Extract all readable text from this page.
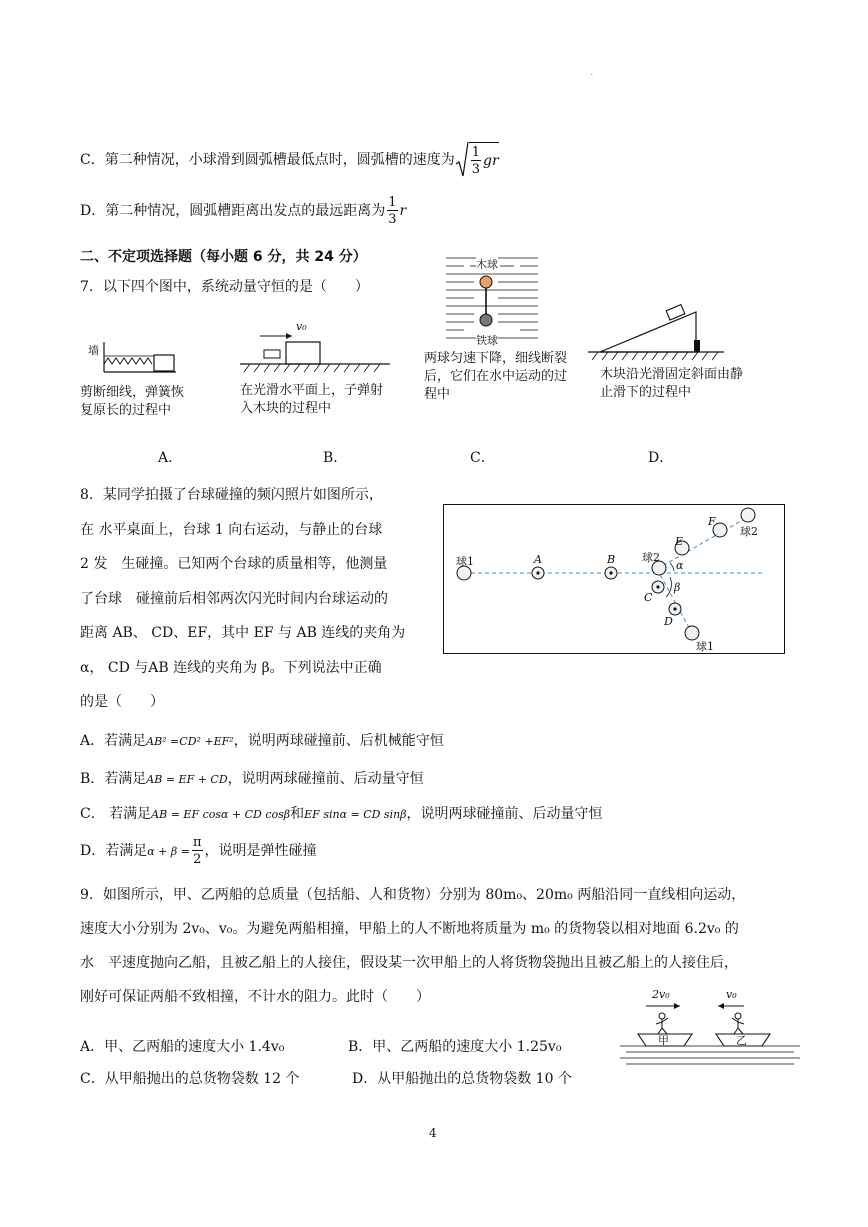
·
C．第二种情况，小球滑到圆弧槽最低点时，圆弧槽的速度为 $\frac{1}{3}$ gr
D．第二种情况，圆弧槽距离出发点的最远距离为 $\frac{1}{3}$ r
二、不定项选择题（每小题 6 分，共 24 分）
7．以下四个图中，系统动量守恒的是（　　）
墙
剪断细线，弹簧恢复原长的过程中
v₀
在光滑水平面上，子弹射入木块的过程中
木球
铁球
两球匀速下降，细线断裂后，它们在水中运动的过程中
木块沿光滑固定斜面由静止滑下的过程中
A．	B．	C．	D．
8．某同学拍摄了台球碰撞的频闪照片如图所示，
在 水平桌面上，台球 1 向右运动，与静止的台球
2 发　生碰撞。已知两个台球的质量相等，他测量
了台球　碰撞前后相邻两次闪光时间内台球运动的
距离 AB、 CD、EF，其中 EF 与 AB 连线的夹角为
α， CD 与AB 连线的夹角为 β。下列说法中正确
的是（　　）
球1	A	B 球2
E
F
球2
α
β
C
D
球1
A．若满足AB² =CD² +EF²，说明两球碰撞前、后机械能守恒
B．若满足AB = EF + CD，说明两球碰撞前、后动量守恒
C． 若满足AB = EF cosα + CD cosβ和EF sinα = CD sinβ，说明两球碰撞前、后动量守恒
D．若满足$\alpha + \beta = \frac{\pi}{2}$ ，说明是弹性碰撞
9．如图所示，甲、乙两船的总质量（包括船、人和货物）分别为 80m₀、20m₀ 两船沿同一直线相向运动，
速度大小分别为 2v₀、v₀。为避免两船相撞，甲船上的人不断地将质量为 m₀ 的货物袋以相对地面 6.2v₀ 的
水　平速度抛向乙船，且被乙船上的人接住，假设某一次甲船上的人将货物袋抛出且被乙船上的人接住后，
刚好可保证两船不致相撞，不计水的阻力。此时（　　）
A．甲、乙两船的速度大小 1.4v₀	B．甲、乙两船的速度大小 1.25v₀
C．从甲船抛出的总货物袋数 12 个	D．从甲船抛出的总货物袋数 10 个
2v₀	v₀
甲	乙
4
